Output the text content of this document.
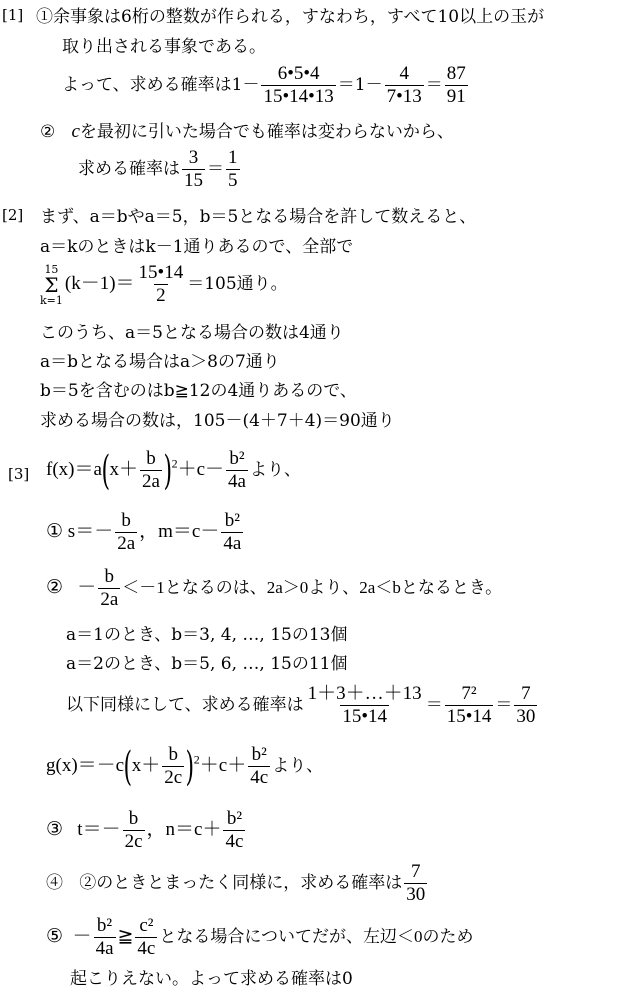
[1] ①余事象は6桁の整数が作られる，すなわち，すべて10以上の玉が
取り出される事象である。
よって、求める確率は$1- \frac{6•5•4}{15•14•13} =1- \frac{4}{7•13} = \frac{87}{91}$
② cを最初に引いた場合でも確率は変わらないから、
求める確率は $\frac{3}{15} = \frac{1}{5}$
[2] まず、a＝bやa＝5，b＝5となる場合を許して数えると、
a＝kのときはk－1通りあるので、全部で
15
Σ
k=1
$(k-1)= \frac{15•14}{2} =105$通り。
このうち、a＝5となる場合の数は4通り
a＝bとなる場合はa＞8の7通り
b＝5を含むのはb≧12の4通りあるので、
求める場合の数は，105－(4＋7＋4)＝90通り
[3] $f(x)=a(x+ \frac{b}{2a} )^2+c- \frac{\text{b²}}{4a}$ より、
① $s=- \frac{b}{2a}$ ，$m=c- \frac{\text{b²}}{4a}$
② － $\frac{b}{2a} <-1$となるのは、2a＞0より、2a＜bとなるとき。
a＝1のとき、b＝3, 4, …, 15の13個
a＝2のとき、b＝5, 6, …, 15の11個
以下同様にして、求める確率は $\frac{1+3+\dots+13}{15•14} = \frac{\text{7²}}{15•14} = \frac{7}{30}$
$g(x)=-c(x+ \frac{b}{2c} )^2+c+ \frac{\text{b²}}{4c}$ より、
③ $t=- \frac{b}{2c}$ ，$n=c+ \frac{\text{b²}}{4c}$
④ ②のときとまったく同様に，求める確率は $\frac{7}{30}$
⑤ － $\frac{\text{b²}}{4a}$ ≧ $\frac{\text{c²}}{4c}$ となる場合についてだが、左辺＜0のため
起こりえない。よって求める確率は0
